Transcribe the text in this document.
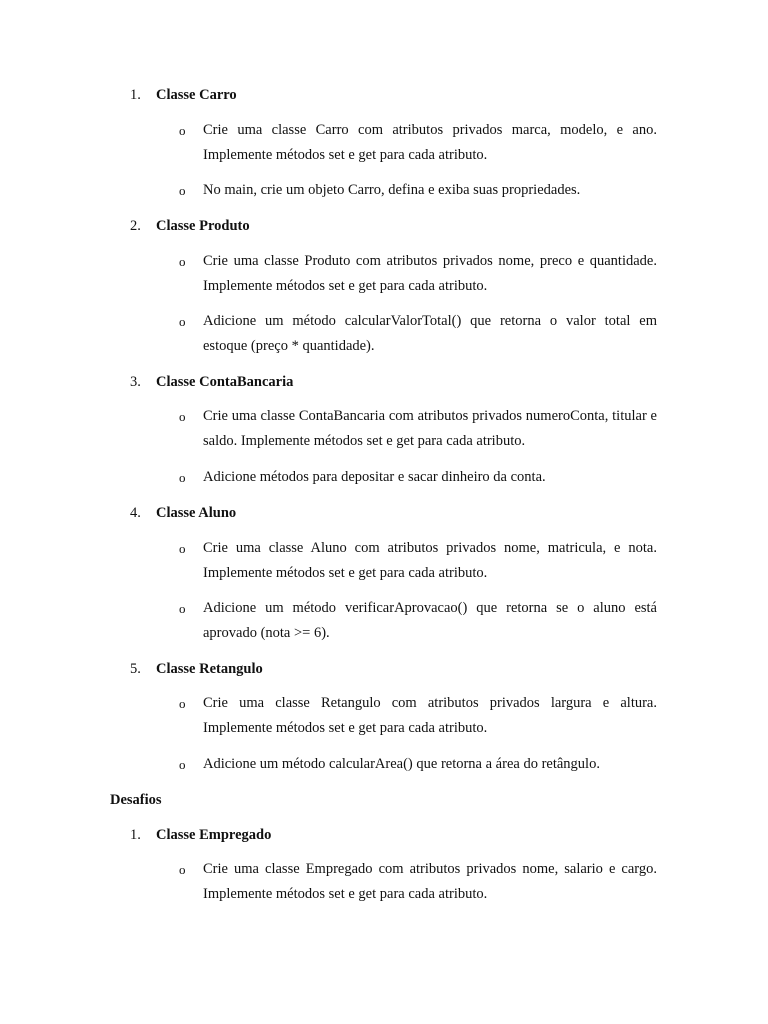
1. Classe Carro
o Crie uma classe Carro com atributos privados marca, modelo, e ano. Implemente métodos set e get para cada atributo.
o No main, crie um objeto Carro, defina e exiba suas propriedades.
2. Classe Produto
o Crie uma classe Produto com atributos privados nome, preco e quantidade. Implemente métodos set e get para cada atributo.
o Adicione um método calcularValorTotal() que retorna o valor total em estoque (preço * quantidade).
3. Classe ContaBancaria
o Crie uma classe ContaBancaria com atributos privados numeroConta, titular e saldo. Implemente métodos set e get para cada atributo.
o Adicione métodos para depositar e sacar dinheiro da conta.
4. Classe Aluno
o Crie uma classe Aluno com atributos privados nome, matricula, e nota. Implemente métodos set e get para cada atributo.
o Adicione um método verificarAprovacao() que retorna se o aluno está aprovado (nota >= 6).
5. Classe Retangulo
o Crie uma classe Retangulo com atributos privados largura e altura. Implemente métodos set e get para cada atributo.
o Adicione um método calcularArea() que retorna a área do retângulo.
Desafios
1. Classe Empregado
o Crie uma classe Empregado com atributos privados nome, salario e cargo. Implemente métodos set e get para cada atributo.
